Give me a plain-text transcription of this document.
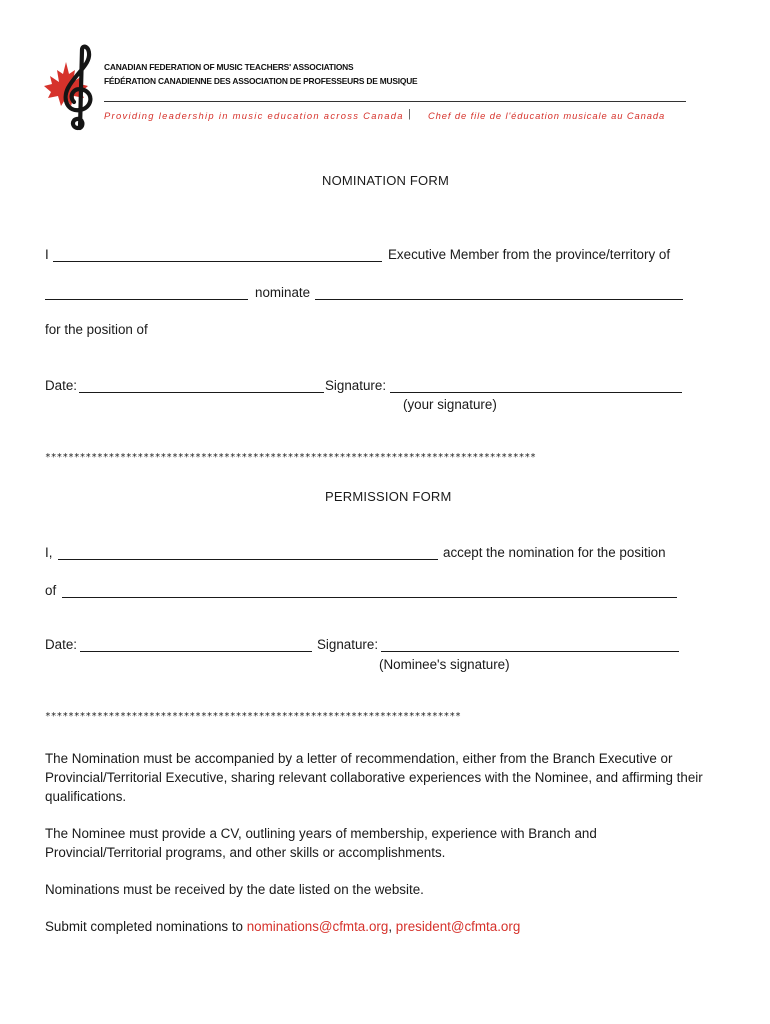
CANADIAN FEDERATION OF MUSIC TEACHERS' ASSOCIATIONS
FÉDÉRATION CANADIENNE DES ASSOCIATION DE PROFESSEURS DE MUSIQUE
Providing leadership in music education across Canada | Chef de file de l'éducation musicale au Canada
NOMINATION FORM
I	Executive Member from the province/territory of
nominate
for the position of
Date:	Signature:
(your signature)
*************************************************************************************
PERMISSION FORM
I,	accept the nomination for the position
of
Date:	Signature:
(Nominee's signature)
************************************************************************
The Nomination must be accompanied by a letter of recommendation, either from the Branch Executive or Provincial/Territorial Executive, sharing relevant collaborative experiences with the Nominee, and affirming their qualifications.
The Nominee must provide a CV, outlining years of membership, experience with Branch and Provincial/Territorial programs, and other skills or accomplishments.
Nominations must be received by the date listed on the website.
Submit completed nominations to nominations@cfmta.org, president@cfmta.org
